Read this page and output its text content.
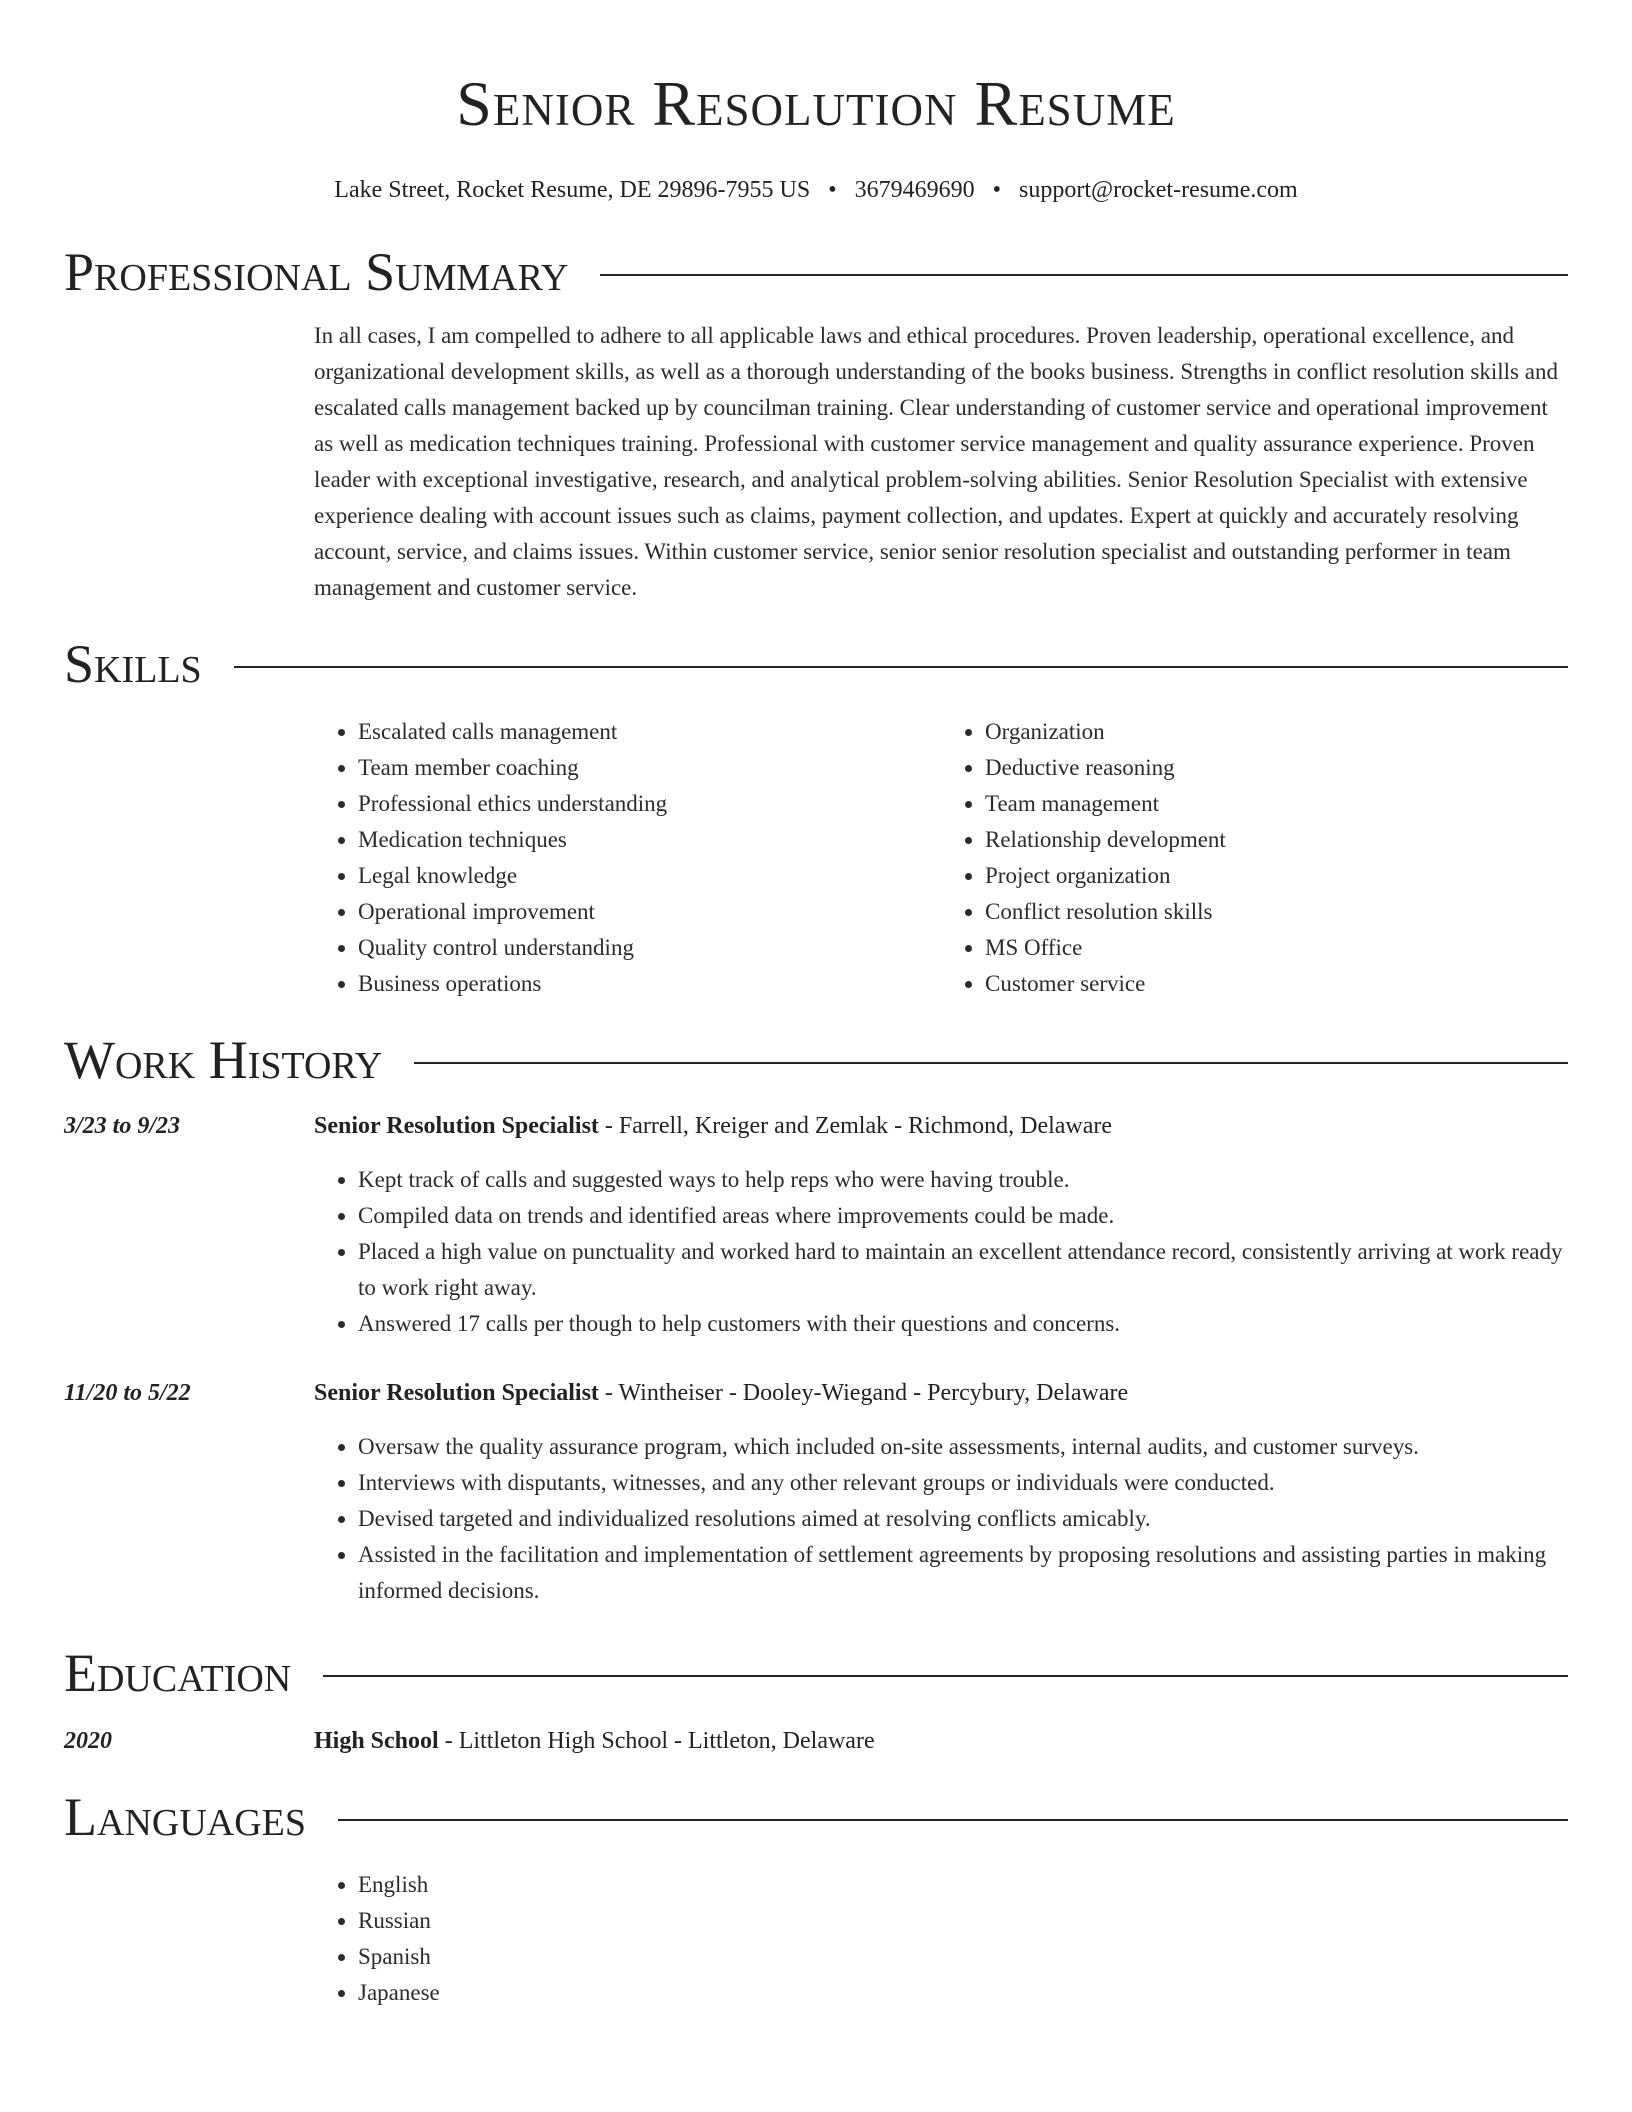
Senior Resolution Resume
Lake Street, Rocket Resume, DE 29896-7955 US • 3679469690 • support@rocket-resume.com
Professional Summary

In all cases, I am compelled to adhere to all applicable laws and ethical procedures. Proven leadership, operational excellence, and organizational development skills, as well as a thorough understanding of the books business. Strengths in conflict resolution skills and escalated calls management backed up by councilman training. Clear understanding of customer service and operational improvement as well as medication techniques training. Professional with customer service management and quality assurance experience. Proven leader with exceptional investigative, research, and analytical problem-solving abilities. Senior Resolution Specialist with extensive experience dealing with account issues such as claims, payment collection, and updates. Expert at quickly and accurately resolving account, service, and claims issues. Within customer service, senior senior resolution specialist and outstanding performer in team management and customer service.

Skills
• Escalated calls management
• Team member coaching
• Professional ethics understanding
• Medication techniques
• Legal knowledge
• Operational improvement
• Quality control understanding
• Business operations
• Organization
• Deductive reasoning
• Team management
• Relationship development
• Project organization
• Conflict resolution skills
• MS Office
• Customer service
Work History
3/23 to 9/23	Senior Resolution Specialist - Farrell, Kreiger and Zemlak - Richmond, Delaware
• Kept track of calls and suggested ways to help reps who were having trouble.
• Compiled data on trends and identified areas where improvements could be made.
• Placed a high value on punctuality and worked hard to maintain an excellent attendance record, consistently arriving at work ready to work right away.
• Answered 17 calls per though to help customers with their questions and concerns.
11/20 to 5/22	Senior Resolution Specialist - Wintheiser - Dooley-Wiegand - Percybury, Delaware
• Oversaw the quality assurance program, which included on-site assessments, internal audits, and customer surveys.
• Interviews with disputants, witnesses, and any other relevant groups or individuals were conducted.
• Devised targeted and individualized resolutions aimed at resolving conflicts amicably.
• Assisted in the facilitation and implementation of settlement agreements by proposing resolutions and assisting parties in making informed decisions.
Education
2020	High School - Littleton High School - Littleton, Delaware
Languages
• English
• Russian
• Spanish
• Japanese
